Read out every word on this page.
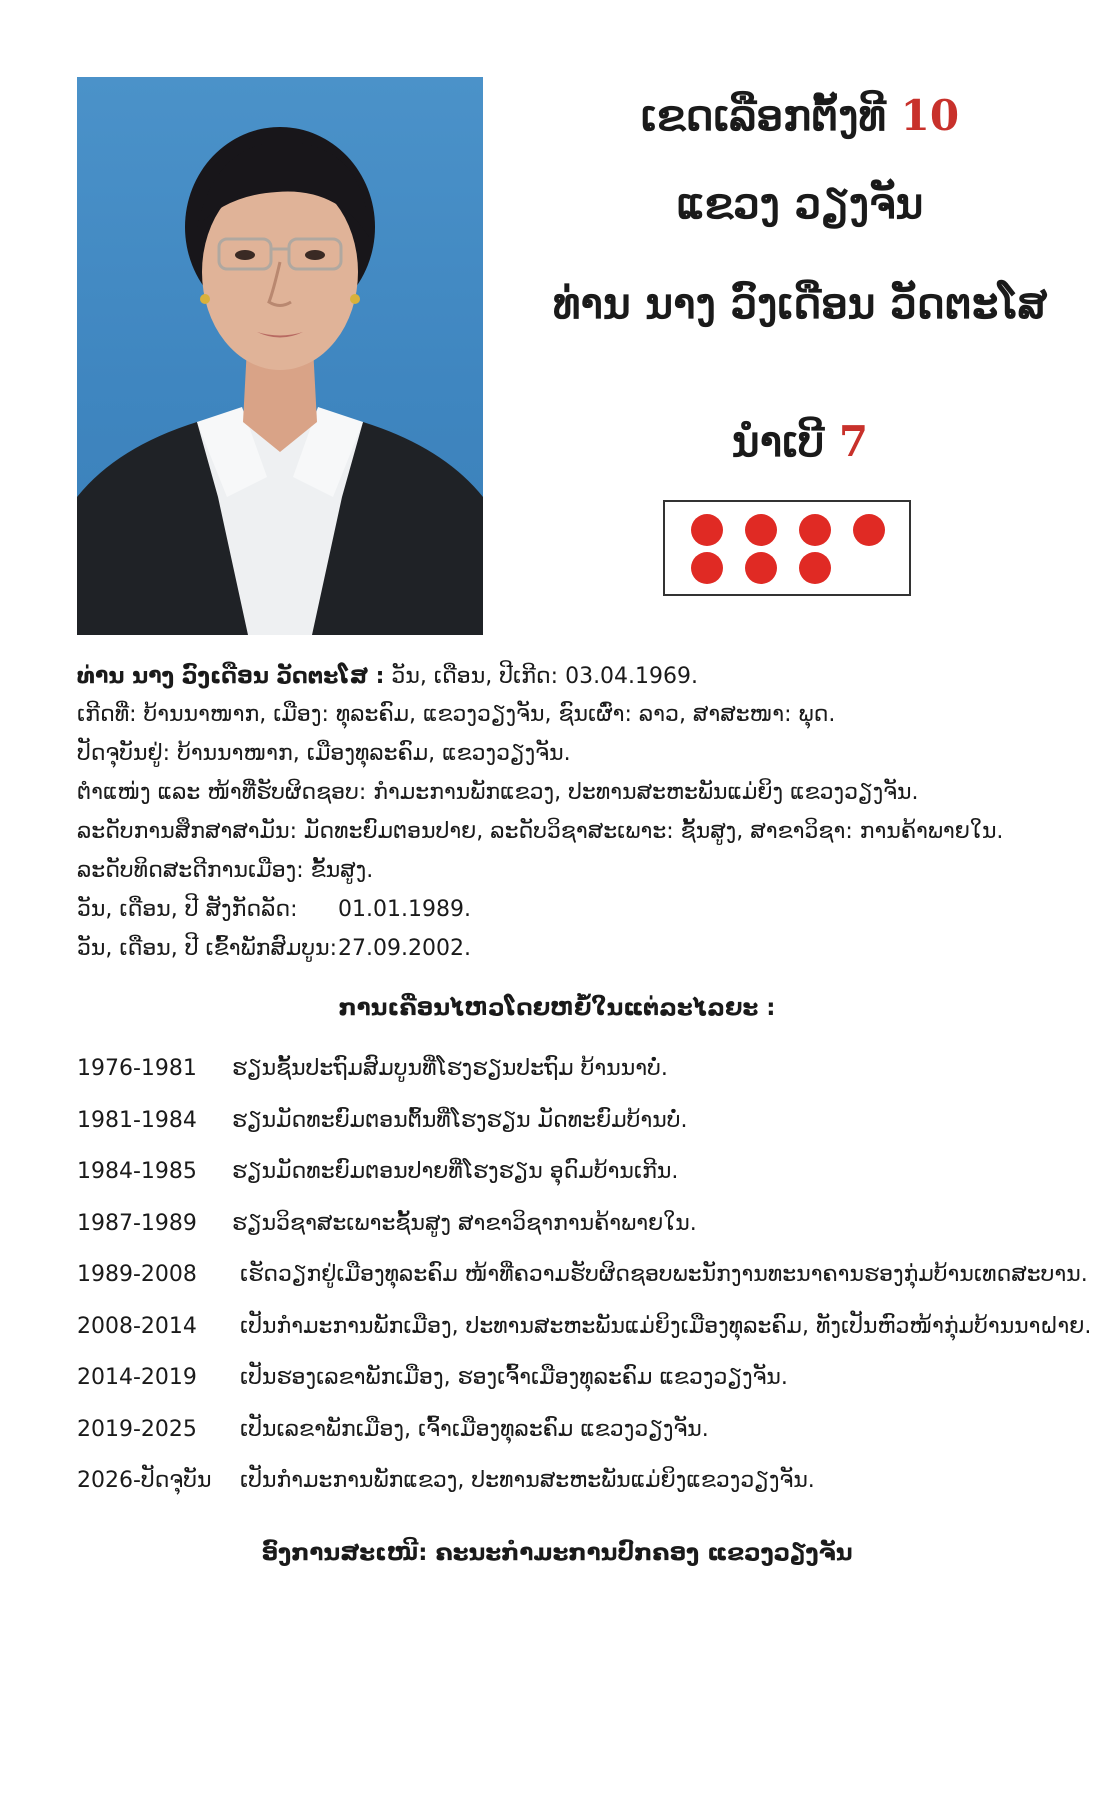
ເຂດເລືອກຕັ້ງທີ 10
ແຂວງ ວຽງຈັນ
ທ່ານ ນາງ ວົງເດືອນ ວັດຕະໂສ
ນໍາເບີ 7
ທ່ານ ນາງ ວົງເດືອນ ວັດຕະໂສ : ວັນ, ເດືອນ, ປີເກີດ: 03.04.1969.
ເກີດທີ່: ບ້ານນາໜາກ, ເມືອງ: ທຸລະຄົມ, ແຂວງວຽງຈັນ, ຊົນເຜົ່າ: ລາວ, ສາສະໜາ: ພຸດ.
ປັດຈຸບັນຢູ່: ບ້ານນາໜາກ, ເມືອງທຸລະຄົມ, ແຂວງວຽງຈັນ.
ຕໍາແໜ່ງ ແລະ ໜ້າທີ່ຮັບຜິດຊອບ: ກໍາມະການພັກແຂວງ, ປະທານສະຫະພັນແມ່ຍິງ ແຂວງວຽງຈັນ.
ລະດັບການສຶກສາສາມັນ: ມັດທະຍົມຕອນປາຍ, ລະດັບວິຊາສະເພາະ: ຊັ້ນສູງ, ສາຂາວິຊາ: ການຄ້າພາຍໃນ.
ລະດັບທິດສະດີການເມືອງ: ຂັ້ນສູງ.
ວັນ, ເດືອນ, ປີ ສັງກັດລັດ: 01.01.1989.
ວັນ, ເດືອນ, ປີ ເຂົ້າພັກສົມບູນ: 27.09.2002.
ການເຄື່ອນໄຫວໂດຍຫຍໍ້ໃນແຕ່ລະໄລຍະ :
1976-1981 ຮຽນຊັ້ນປະຖົມສົມບູນທີ່ໂຮງຮຽນປະຖົມ ບ້ານນາບໍ່.
1981-1984 ຮຽນມັດທະຍົມຕອນຕົ້ນທີ່ໂຮງຮຽນ ມັດທະຍົມບ້ານບໍ່.
1984-1985 ຮຽນມັດທະຍົມຕອນປາຍທີ່ໂຮງຮຽນ ອຸດົມບ້ານເກີນ.
1987-1989 ຮຽນວິຊາສະເພາະຊັ້ນສູງ ສາຂາວິຊາການຄ້າພາຍໃນ.
1989-2008 ເຮັດວຽກຢູ່ເມືອງທຸລະຄົມ ໜ້າທີ່ຄວາມຮັບຜິດຊອບພະນັກງານທະນາຄານຮອງກຸ່ມບ້ານເທດສະບານ.
2008-2014 ເປັນກໍາມະການພັກເມືອງ, ປະທານສະຫະພັນແມ່ຍິງເມືອງທຸລະຄົມ, ທັງເປັນຫົວໜ້າກຸ່ມບ້ານນາຝາຍ.
2014-2019 ເປັນຮອງເລຂາພັກເມືອງ, ຮອງເຈົ້າເມືອງທຸລະຄົມ ແຂວງວຽງຈັນ.
2019-2025 ເປັນເລຂາພັກເມືອງ, ເຈົ້າເມືອງທຸລະຄົມ ແຂວງວຽງຈັນ.
2026-ປັດຈຸບັນ ເປັນກໍາມະການພັກແຂວງ, ປະທານສະຫະພັນແມ່ຍິງແຂວງວຽງຈັນ.
ອົງການສະເໜີ: ຄະນະກໍາມະການປົກຄອງ ແຂວງວຽງຈັນ
